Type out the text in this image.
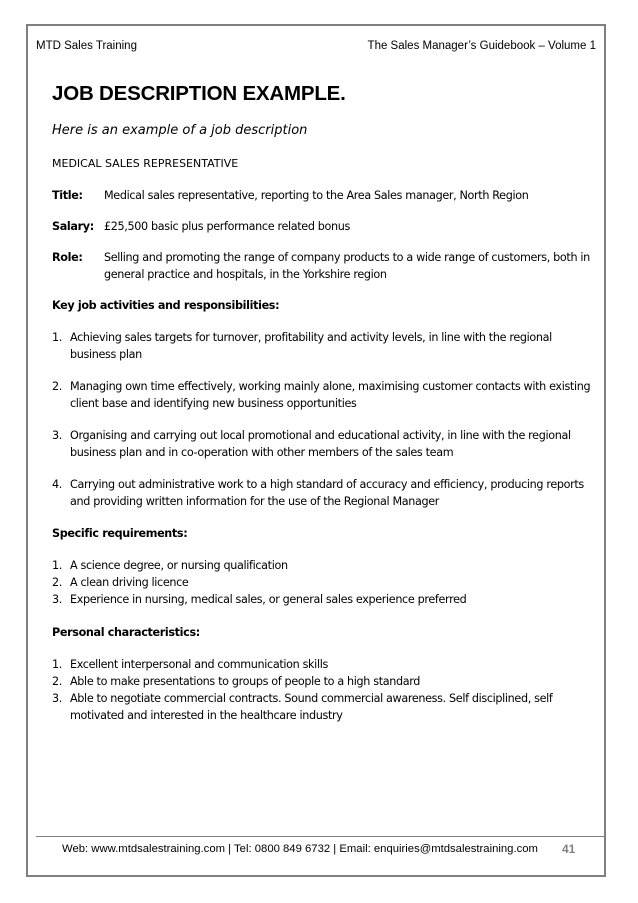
MTD Sales Training	The Sales Manager’s Guidebook – Volume 1
JOB DESCRIPTION EXAMPLE.
Here is an example of a job description
MEDICAL SALES REPRESENTATIVE
Title:	Medical sales representative, reporting to the Area Sales manager, North Region
Salary: £25,500 basic plus performance related bonus
Role:	Selling and promoting the range of company products to a wide range of customers, both in general practice and hospitals, in the Yorkshire region
Key job activities and responsibilities:
1. Achieving sales targets for turnover, profitability and activity levels, in line with the regional business plan
2. Managing own time effectively, working mainly alone, maximising customer contacts with existing client base and identifying new business opportunities
3. Organising and carrying out local promotional and educational activity, in line with the regional business plan and in co-operation with other members of the sales team
4. Carrying out administrative work to a high standard of accuracy and efficiency, producing reports and providing written information for the use of the Regional Manager
Specific requirements:
1. A science degree, or nursing qualification
2. A clean driving licence
3. Experience in nursing, medical sales, or general sales experience preferred
Personal characteristics:
1. Excellent interpersonal and communication skills
2. Able to make presentations to groups of people to a high standard
3. Able to negotiate commercial contracts. Sound commercial awareness. Self disciplined, self motivated and interested in the healthcare industry
Web: www.mtdsalestraining.com | Tel: 0800 849 6732 | Email: enquiries@mtdsalestraining.com 41
